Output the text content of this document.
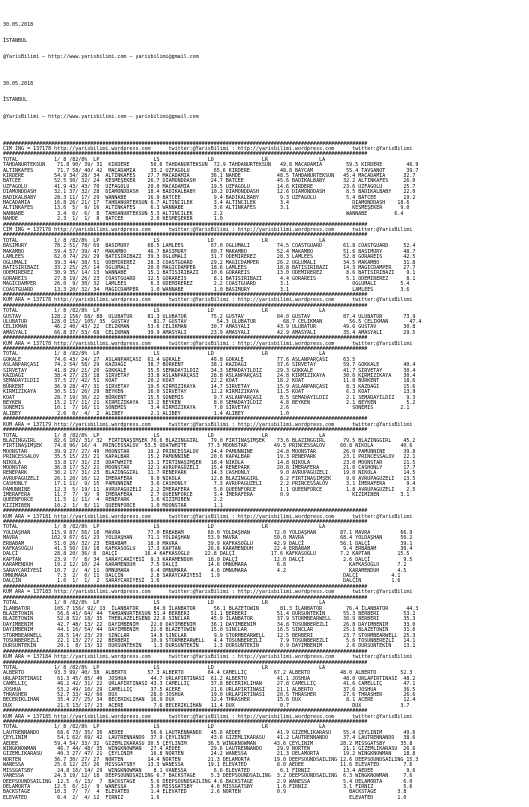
30.05.2018

İSTANBUL

@YarisBilimi — http://www.yarisbilimi.com — yarisbilimi@gmail.com

30.05.2018

İSTANBUL

@YarisBilimi — http://www.yarisbilimi.com — yarisbilimi@gmail.com

#########################################################################################################################
CIM ING = 137178 http://yarisbilimi.wordpress.com      twitter:@YarisBilimi : http://yarisbilimi.wordpress.com      twitter:@YarisBilimi
#########################################################################################################################
TOTAL            1/ 8 /82/8%  LP                  LS                LD                LR                 LA
TAHDANURTEKSUN    71.8 90/ 39/ 31  KIRDERE       56.6 TAHDANURTEKSUN  72.9 TAHDANURTEKSUN   49.8 MACADAMIA        59.5 KIRDERE        46.9
ALTINKAFES        71.7 58/ 40/ 42  MACADAMIA     33.2 UZFAGOLU        65.6 KIRDERE          48.8 BAYCAM           55.4 TAVSANOT       39.7
KIRDERE          54.9 34/ 28/ 34  ALTINKAFES    27.7 MACADAMIA       36.1 NAHDE            48.5 TAHDANURTEKSUN   45.4 MACADAMIA      32.7
BATCEE           52.5 30/ 32/ 24  KESMEŞEKER    26.7 DIAMONDDASH     24.7 BATCEE           45.6 BADIKALBABY      32.2 ALTINKAFES     26.0
UZFAGOLU         41.9 43/ 43/ 70  UZFAGOLU      20.0 MACADAMIA       19.5 UZFAGOLU         14.6 KIRDERE          23.6 UZFAGOLU       25.7
DIAMONDDASH      32.1 37/ 32/ 28  DIAMONDDASH   18.4 BADIKALBABY     10.2 DIAMONDDASH      12.6 DIAMONDDASH       8.5 BADIKALBABY    22.0
BADIKALBABY      28.3 11/ 17/ 29  WANNABE       16.9 BATCEE           9.4 BADIKALBABY       9.3 UZFAGOLU          5.4 BATCEE         19.2
MACADAMIA        16.8 26/ 21/ 17  TAHDANURTEKSUN 6.7 ALTINCILEK       3.4 ALTINCILEK        3.4                     DIAMONDDASH    18.6
ALTINKAFES       13.6  5/  9/ 16  ALTINKAFES     6.3 WANNABE          3.6 ALTINKAFES        3.1                     KESMEŞEKER      9.0
WANNABE           3.4  6/  6/  8  TAHDANURTEKSUN 5.3 ALTINCILEK       2.2                                         WANNABE         6.4
NAHDE             2.3  1/  1/  8  BATCEE         2.0 KESMEŞEKER       1.0
#########################################################################################################################
CIM ING = 137178 http://yarisbilimi.wordpress.com      twitter:@YarisBilimi : http://yarisbilimi.wordpress.com      twitter:@YarisBilimi
#########################################################################################################################
TOTAL            1/ 8 /82/8%  LP                  LS                LD                LR                 LA
BASIMURY         78.2 51/ 78/ 69  BASIMURY      66.5 LAMLEES         67.0 OGLUMALI         74.5 COASTGUARD       61.8 COASTGUARD     52.4
MAKAMBO          59.4 57/ 39/ 47  MAKAMBO       46.7 BASIMURY        60.7 MAKAMBO          52.4 MAKAMBO          51.6 BASIMURY       48.7
LAMLEES          62.0 74/ 29/ 29  BATISIRIBAZI  39.3 OGLUMALI        31.7 ODEMIREREZ       28.3 LAMLEES          52.8 GORAREIS       42.5
OGLUMALI         39.3 44/ 38/ 51  ODEMIREREZ    28.3 COASTGUARD      29.2 MAGICDAMPER      26.2 OGLUMALI         34.5 MAKAMBO        31.8
BATISIRIBAZI     33.2 25/ 25/ 14  OGLUMALI      20.0 MAGICDAMPER     18.6 LAMLEES          18.8 BATISIRIBAZI     14.3 MAGICDAMPER    27.7
ODEMIREREZ       30.9 35/ 14/ 13  WANNABE       15.1 BATISIRIBAZI    10.6 GORAREIS         13.0 ODEMIREREZ        8.6 BATISIRIBAZI    9.1
GORAREIS         27.8 19/ 26/ 23  COASTGUARD    12.5 GORAREIS         8.1 BATISIRIBAZI      4.4 GORAREIS          5.1 ODEMIREREZ      8.1
MAGICDAMPER      26.0  9/ 30/ 32  LAMLEES        6.3 ODEMIREREZ       2.2 COASTGUARD        3.1                     OGLUMALI        5.4
COASTGUARD       13.3 20/ 32/ 34  MAGICDAMPER    1.0 WANNABE          1.0 BASIMURY          3.1                     LAMLEES         3.6
#########################################################################################################################
KUM ARA = 137178 http://yarisbilimi.wordpress.com      twitter:@YarisBilimi : http://yarisbilimi.wordpress.com      twitter:@YarisBilimi
#########################################################################################################################
TOTAL            1/ 8 /82/8%  LP                  LS                LD                LR                 LA
GUSTAV          128.2 156/ 68/ 88  ULUBATUR     81.3 ULUBATUR        75.2 GUSTAV           84.0 GUSTAV           87.4 ULUBATUR       73.9
ULUBATUR        128.0 152/ 105/ 35  GUSTAV        81.7 GUSTAV          54.3 ULUBATUR         68.7 CELIKMAN         56.5 CELIKMAN       47.4
CELIKMAN         46.2 40/ 43/ 22  CELIKMAN      53.6 CELIKMAN        30.7 AMASYALI         43.9 ULUBATUR         49.6 GUSTAV         30.8
AMASYALI         66.8 37/ 53/ 68  CELIKMAN      39.9 AMASYALI        23.9 AMASYALI         42.9 AMASYALI         35.4 AMASYALI       29.5
#########################################################################################################################
KUM ARA = 137178 http://yarisbilimi.wordpress.com      twitter:@YarisBilimi : http://yarisbilimi.wordpress.com      twitter:@YarisBilimi
#########################################################################################################################
TOTAL            1/ 8 /82/8%  LP                  LS                LD                LR                 LA
GOKALE           74.6 43/ 24/ 27  ASLANPARÇASI  61.4 GOKALE          46.8 GOKALE           77.6 ASLANPARÇASI     63.5
ASLANPARÇASI     74.2 54/ 58/ 29  KAZDAĞI       38.7 BÜRKENT         38.1 KAZDAĞI          37.6 SIRVETAY         59.7 GOKKALE        40.4
SIRVETAY         41.8 29/ 21/ 20  GOKKALE       35.5 SEMADAYILDIZ    34.3 SEMADAYILDIZ     29.3 GOKKALE          41.7 SIRVETAY       30.4
KAZDAĞI          38.4 27/ 23/ 18  SIRVETAY      33.8 ASLANPARÇASI    28.8 ASLANPARÇASI     24.8 KIRMIZIKAYA      30.6 KIRMIZIKAYA    30.4
SEMADAYILDIZ     37.5 27/ 42/ 51  KOAT          20.2 KOAT            22.2 KOAT             18.2 KOAT             11.8 BÜRKENT        18.6
BÜRKENT          36.9 28/ 47/ 31  SIRVETAY      19.5 KIRMIZIKAYA     14.7 SIRVETAY         15.9 ASLANPARÇASI      8.3 KAZDAĞI        15.6
KIRMIZIKAYA      30.5 13/ 20/ 29  BEYKEN        16.0 SIRVETAY        12.2 KIRMIZIKAYA      11.5 KOAT              6.3 KOAT           13.9
KOAT             28.7 19/ 36/ 22  BÜRKENT       15.5 SONEMIS          9.7 ASLANPARÇASI      8.5 SEMADAYILDIZ      2.1 SEMADAYILDIZ    9.3
BEYKEN           15.2 17/ 11/ 21  KIRMIZIKAYA   13.2 BEYKEN           8.0 SEMADAYILDIZ      4.8 BEYKEN            2.1 BEYKEN          5.2
SONEMIS          10.1  7/ 16/ 11  SONEMIS        3.4 KIRMIZIKAYA      7.0 SIRVETAY          2.6                     SONEMIS         2.1
ALIBEY            2.6  0/  4/  2  ALIBEY         2.1 ALIBEY           1.4 ALIBEY            1.0
#########################################################################################################################
KUM ARA = 137179 http://yarisbilimi.wordpress.com      twitter:@YarisBilimi : http://yarisbilimi.wordpress.com      twitter:@YarisBilimi
#########################################################################################################################
TOTAL            1/ 8 /82/8%  LP                  LS                LD                LR                 LA
BLAZINGGIRL      82.6 102/ 31/ 32  FIRTINAŞIMŞEK 76.6 BLAZINGGIRL    79.0 FIRTINAŞIMŞEK    73.6 BLAZINGGIRL      79.5 BLAZINGGIRL    45.2
FIRTINAŞIMŞEK    74.8 96/ 16/ 4  PRINCESSALOV  53.5 ODATWHITE       77.3 MOONSTAR         49.5 PRINCESSALOV     60.8 NIKOLA         40.6
MOONSTAR         39.9 27/ 27/ 49  MOONSTAR      19.2 PRINCESSALOV    24.4 PAMUNNINE        24.8 MOONSTAR         26.0 PAMUNNINE      39.8
PRINCESSALOV     35.5 15/ 23/ 21  KAPALBAR      15.2 PAMUNNINE       20.6 KAPALBAR         19.3 RENEPARK         23.1 PRINCESSALOV   22.1
NIKOLA           33.8 17/ 31/ 23  ODATWHITE     13.1 FIRTINAŞIMŞEK   18.4 NIKOLA           14.8 NIKOLA           23.0 MOONSTAR       21.5
MOONSTAR         36.8 17/ 52/ 21  MOONSTAR      12.1 AVRUPAGUZELI    15.4 RENEPARK         20.8 İMERAFERA        21.0 CASHONLY       17.7
RENEPARK         30.2 17/ 31/ 23  BLAZINGGIRL   11.7 RENEPARK        14.3 CASHONLY          9.0 AVRUPAGUZELI     19.0 NIKOLA         14.5
AVRUPAGUZELI     26.1 20/ 16/ 12  İMERAFERA      9.0 NIKOLA          12.8 BLAZINGGIRL       8.2 FIRTINAŞIMŞEK     9.0 AVRUPAGUZELI   13.5
CASHONLY         17.1 11/  9/ 15  PAMUNNINE      3.6 CASHONLY         7.3 AVRUPAGUZELI      2.2 PRINCESSALOV      3.1 İMERAFERA       9.4
PAMUNNINE        12.3  5/ 19/ 11  AVRUPAGUZELI   2.2 İMERAFERA        5.0 QUEENFORCE        1.1 QUEENFORCE        1.8 AVRUPAGUZELI    2.5
İMERAFERA        11.7  7/  9/  9  İMERAFERA      2.7 QUEENFORCE       3.4 İMERAFERA         0.9                     KIZIMIBEN       3.1
QUEENFORCE       11.5  1/ 11/  4  RENEPARK       1.6 KIZIMIBEN        2.2
KIZIMIBEN        10.2  1/  8/ 11  QUEENFORCE     1.0 MOONSTAR         1.1
#########################################################################################################################
KUM ARA = 137181 http://yarisbilimi.wordpress.com      twitter:@YarisBilimi : http://yarisbilimi.wordpress.com      twitter:@YarisBilimi
#########################################################################################################################
TOTAL            1/ 8 /82/8%  LP                  LS                LD                LR                 LA
YOLDAŞHAN       115.9 87/ 56/ 18  MAVRA         77.0 ERBABAM        60.0 YOLDAŞHAN        72.0 YOLDAŞHAN        87.1 MAVRA          66.9
MAVRA           102.9 67/ 61/ 23  YOLDAŞHAN     71.1 YOLDAŞHAN      53.9 MAVRA            50.0 MAVRA            68.4 YOLDAŞHAN      50.2
ERBABAM          51.0 26/ 32/ 23  ERBABAM       18.9 MAVRA          39.9 KAFKASOĞLU       42.9 DALÇİ            56.1 DALÇİ          39.1
KAFKASOĞLU       41.3 50/ 19/ 18  KAFKASOĞLU    17.3 KAPTAN         26.8 KARAMENDUH       22.4 ERBABAM           9.4 ERBABAM        30.4
DALÇİ            28.8 20/ 36/ 8  DALÇİ         16.4 KAFKASOĞLU     22.8 DALÇİ            17.6 KAFKASOĞLU        7.2 KAPTAN         15.5
KAPTAN           23.9  7/  8/ 34  SARAYCARİYESİ  9.3 KARAMENDUH     18.0 DALÇİ            12.0 DALÇİ             2.6 DALÇİ           9.5
KARAMENDUH       19.2 12/ 10/ 24  KARAMENDUH     7.5 DALÇİ          14.6 OMNUMARA          6.8                     KAFKASOĞLU      7.2
SARAYCARİYESİ    10.7  2/  4/ 11  OMNUMARA       6.4 OMNUMARA        4.6 OMNUMARA          4.2                     KARAMENDUH      4.5
OMNUMARA          7.3  2/  0/ 11  DALÇİN         2.8 SARAYCARİYESİ   1.9                                         DALÇİ           4.1
DALÇİN            1.6  1/  1/  2  SARAYCARİYESİ  1.6                                                             DALÇİN          1.6
#########################################################################################################################
KUM ARA = 137183 http://yarisbilimi.wordpress.com      twitter:@YarisBilimi : http://yarisbilimi.wordpress.com      twitter:@YarisBilimi
#########################################################################################################################
TOTAL            1/ 8 /82/8%  LP                  LS                LD                LR                 LA
İLANBATOR        105.7 156/ 92/ 13  İLANBATOR     84.0 İLANBATOR      56.1 BLAZETOWIN       81.3 İLANBATOR        76.4 İLANBATOR      44.3
BLAZETOWIN        56.6 41/ 64/ 44  TAHDANURTEKSUN 51.4 BERBERI       51.1 BERBERI          51.4 DURSUNTEKİN      55.3 BERBERI        53.2
BLAZETOWIN        52.8 52/ 18/ 35  THEBLAZELEGEND 22.6 SINCLAR       45.9 İLANBATOR        37.9 STORMBEARWELL    30.9 BERBERI        35.3
DAYIMBENIM        42.7 48/ 13/ 22  DAYIMBENIM    22.0 DAYIMBENIM     36.1 DAYIMBENIM       34.8 TOSUNBEREZLİ     26.8 DAYIMBENIM     33.0
DAYIMBENIM        44.1 16/ 54/ 44  DAYIMBENIM    22.0 BLAZETOWIN     15.0 SINCLAR          16.5 SINCLAR          25.1 BLAZETOWIN     31.6
STORMBEARWELL     28.5 14/ 23/ 29  SINCLAR       14.8 SINCLAR         9.9 STORMBEARWELL    12.5 BERBERI          23.7 STORMBEARWELL  25.3
TOSUNBEREZLİ      22.1 13/ 27/ 22  BERBERI       10.9 STORMBEARWELL   4.4 TOSUNBEREZLİ      7.9 TOSUNBEREZLİ      5.6 TOSUNBEREZLİ   14.1
DURSUNTEKİN       20.1  8/ 13/ 32  DURSUNTEKİN    1.3 DURSUNTEKİN     1.3 DURSUNTEKİN       0.9 DAYIMBENIM        2.6 DURSUNTEKİN    13.2
#########################################################################################################################
KUM ARA = 137184 http://yarisbilimi.wordpress.com      twitter:@YarisBilimi : http://yarisbilimi.wordpress.com      twitter:@YarisBilimi
#########################################################################################################################
TOTAL            1/ 8 /82/8%  LP                  LS                LD                LR                 LA
ALBERTO          93.3 99/ 40/ 38  ALBERTO       57.3 ALBERTO        64.4 CAMELLIÇ         67.2 ALBERTO          48.0 ALBERTO        52.3
URLAPIRTINASI     61.3 45/ 85/ 40  JOSHUA        44.7 URLAPIRTINASI  61.2 ALBERTO          41.1 JOSHUA           48.0 URLAPIRTINASI  48.2
CAMELLIÇ          46.2 42/ 31/ 22  URLAPIRTINASI 43.3 CAMELLIÇ       37.8 BECERIKLIHAN     27.8 CAMELLIÇ         41.6 CAMELLIÇ       47.1
JOSHUA            53.2 49/ 10/ 29  CAMELLIÇ      37.5 ACERE          21.6 URLAPIRTINASI    21.1 ALBERTO          37.6 JOSHUA         36.5
THRASHER          52.7 33/ 42/ 60  DUX           28.0 JOSHUA         19.0 URLAPIRTINASI    20.5 THRASHER         27.6 THRASHER       26.6
BECERIKLIHAN      35.4 27/ 25/ 34  BECERIKLIHAN  16.9 DUX            12.4 THRASHER         15.6 DUX               8.1 ACERE          12.4
DUX               21.5 13/ 17/ 23  ACERE          7.6 BECERIKLIHAN   11.4 DUX               0.7                     DUX             3.7
#########################################################################################################################
KUM ARA = 137185 http://yarisbilimi.wordpress.com      twitter:@YarisBilimi : http://yarisbilimi.wordpress.com      twitter:@YarisBilimi
#########################################################################################################################
TOTAL            1/ 8 /82/8%  LP                  LS                LD                LR                 LA
LAUTRENNANDO      68.6 73/ 35/ 36  AEDEE         56.6 LAUTRENNANDO   45.6 AEDEE            41.9 GIZEMLIKARASU    55.4 ÇEYLINIM       49.6
ÇEYLINIM          54.1 62/ 69/ 42  LAUTRENNANDO  37.9 ÇEYLINIM       43.6 GIZEMLIKARASU    41.2 LAUTRENNANDO     37.4 LAUTRENNANDO   38.6
AEDEE            59.4 54/ 33/ 32  GIZEMLIKARASU 30.5 ÇEYLINIM       36.5 WINGKNOWMAN      43.6 ÇEYLINIM         28.2 MISSGATSBY     35.8
WINGKNOWMAN       46.7 44/ 48/ 35  WINGKNOWMAN   27.4 AEDEE          29.6 LAUTRENNANDO     29.9 NORTEN           21.1 GIZEMLIKARASU  26.6
GIZEMLIKARASU     40.3 27/ 47/ 21  ÇEYLINIM      16.8 NORTEN         24.2 WANESSA          21.3 DELAMORTA        19.2 WINGKNOWMAN    18.8
NORTEN           36.7 30/ 27/ 27  NORTEN        14.4 NORTEN         21.3 DELAMORTA        19.0 DEEPSOUNDSAILING 12.6 DEEPSOUNDSAILING 15.3
WANESSA          25.6 12/ 25/ 26  MISSGATSBY    13.3 WANESSA        19.1 ELEVATED          8.0 AEDEE            11.6 ELEVATED        7.6
MISSGATSBY        24.8 16/ 14/ 29  WINGKNOWMAN    8.1 VANESSA         6.6 ELEVATED          6.1 FIRNIZ           13.4 AEDEE           9.6
VANESSA          24.3 19/ 12/ 18  DEEPSOUNDSAILING 6.7 BACKSTAGE     5.3 DEEPSOUNDSAILING  3.2 DEEPSOUNDSAILING  6.3 WINGKNOWMAN     7.6
DEEPSOUNDSAILING  12.5  6/ 13/  7  BACKSTAGE     5.6 DEEPSOUNDSAILING 4.6 BACKSTAGE        2.9 WANESSA           5.4 DELAMORTA       6.0
DELAMORTA        12.5  6/ 11/  9  WANESSA        3.0 MISSGATSBY      4.0 MISSGATSBY        1.6 FIRNIZ            3.1 FIRNIZ          5.6
BACKSTAGE        10.3  7/  7/  4  ELEVATED       1.4 ELEVATED        2.6 NORTEN            0.9                     BACKSTAGE       3.8
ELEVATED          6.4  2/  4/ 12  FIRNIZ         1.6                                                               ELEVATED        1.0
